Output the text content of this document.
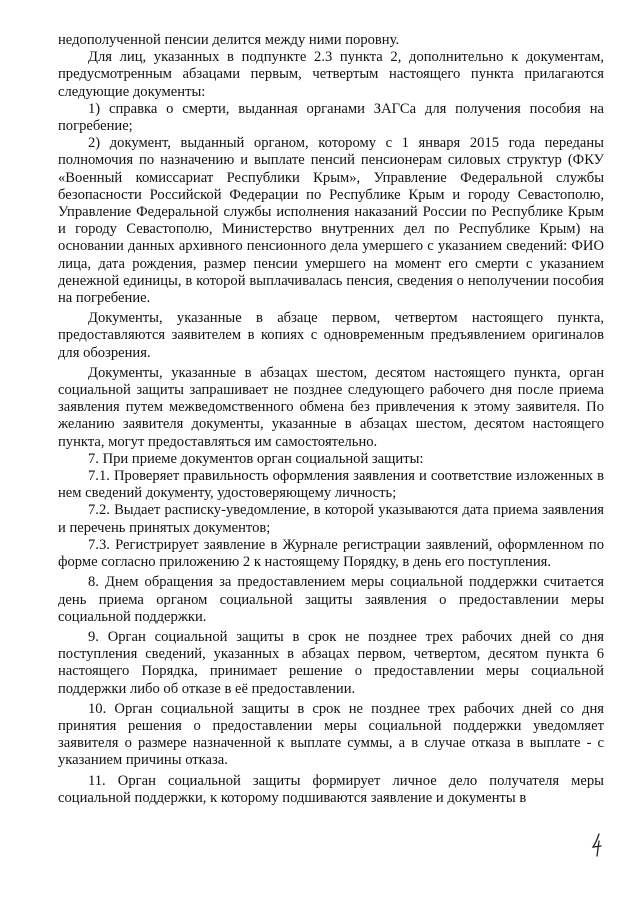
недополученной пенсии делится между ними поровну.

Для лиц, указанных в подпункте 2.3 пункта 2, дополнительно к документам, предусмотренным абзацами первым, четвертым настоящего пункта прилагаются следующие документы:

1) справка о смерти, выданная органами ЗАГСа для получения пособия на погребение;

2) документ, выданный органом, которому с 1 января 2015 года переданы полномочия по назначению и выплате пенсий пенсионерам силовых структур (ФКУ «Военный комиссариат Республики Крым», Управление Федеральной службы безопасности Российской Федерации по Республике Крым и городу Севастополю, Управление Федеральной службы исполнения наказаний России по Республике Крым и городу Севастополю, Министерство внутренних дел по Республике Крым) на основании данных архивного пенсионного дела умершего с указанием сведений: ФИО лица, дата рождения, размер пенсии умершего на момент его смерти с указанием денежной единицы, в которой выплачивалась пенсия, сведения о неполучении пособия на погребение.

Документы, указанные в абзаце первом, четвертом настоящего пункта, предоставляются заявителем в копиях с одновременным предъявлением оригиналов для обозрения.

Документы, указанные в абзацах шестом, десятом настоящего пункта, орган социальной защиты запрашивает не позднее следующего рабочего дня после приема заявления путем межведомственного обмена без привлечения к этому заявителя. По желанию заявителя документы, указанные в абзацах шестом, десятом настоящего пункта, могут предоставляться им самостоятельно.

7. При приеме документов орган социальной защиты:

7.1. Проверяет правильность оформления заявления и соответствие изложенных в нем сведений документу, удостоверяющему личность;

7.2. Выдает расписку-уведомление, в которой указываются дата приема заявления и перечень принятых документов;

7.3. Регистрирует заявление в Журнале регистрации заявлений, оформленном по форме согласно приложению 2 к настоящему Порядку, в день его поступления.

8. Днем обращения за предоставлением меры социальной поддержки считается день приема органом социальной защиты заявления о предоставлении меры социальной поддержки.

9. Орган социальной защиты в срок не позднее трех рабочих дней со дня поступления сведений, указанных в абзацах первом, четвертом, десятом пункта 6 настоящего Порядка, принимает решение о предоставлении меры социальной поддержки либо об отказе в её предоставлении.

10. Орган социальной защиты в срок не позднее трех рабочих дней со дня принятия решения о предоставлении меры социальной поддержки уведомляет заявителя о размере назначенной к выплате суммы, а в случае отказа в выплате - с указанием причины отказа.

11. Орган социальной защиты формирует личное дело получателя меры социальной поддержки, к которому подшиваются заявление и документы в
